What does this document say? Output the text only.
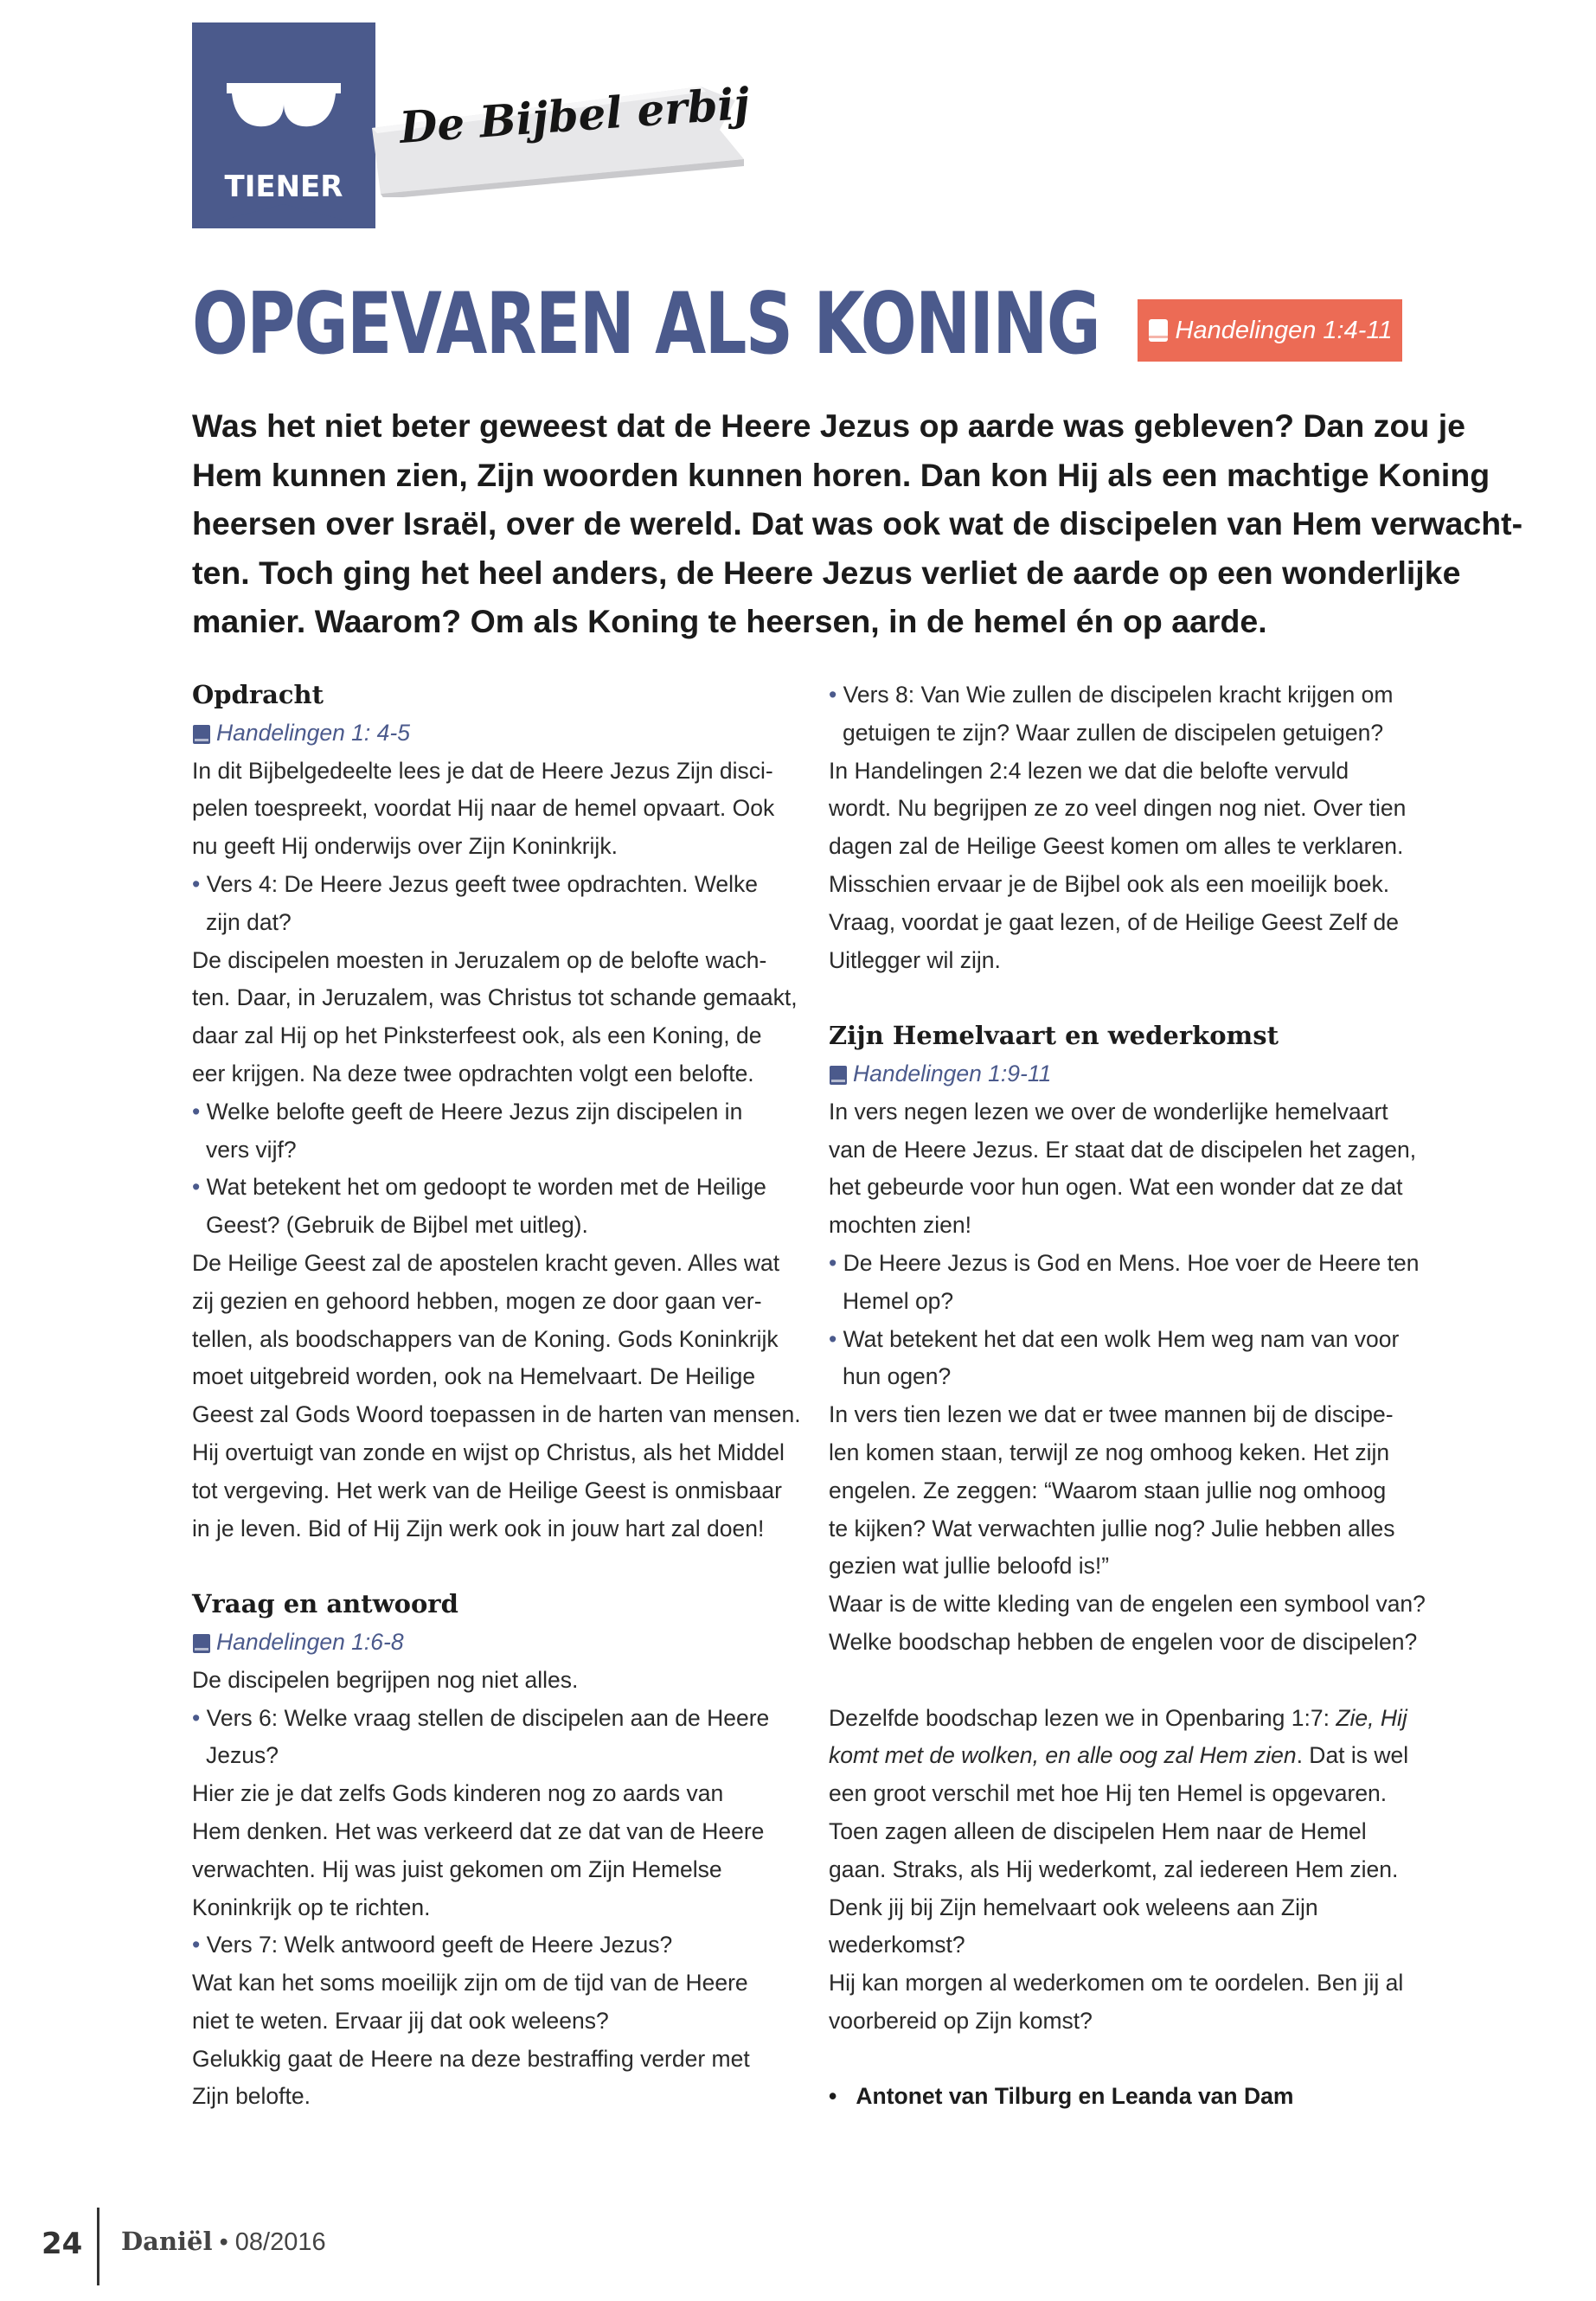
TIENER
De Bijbel erbij
OPGEVAREN ALS KONING	Handelingen 1:4-11
Was het niet beter geweest dat de Heere Jezus op aarde was gebleven? Dan zou je
Hem kunnen zien, Zijn woorden kunnen horen. Dan kon Hij als een machtige Koning
heersen over Israël, over de wereld. Dat was ook wat de discipelen van Hem verwacht-
ten. Toch ging het heel anders, de Heere Jezus verliet de aarde op een wonderlijke
manier. Waarom? Om als Koning te heersen, in de hemel én op aarde.
Opdracht
Handelingen 1: 4-5
In dit Bijbelgedeelte lees je dat de Heere Jezus Zijn disci-
pelen toespreekt, voordat Hij naar de hemel opvaart. Ook
nu geeft Hij onderwijs over Zijn Koninkrijk.
• Vers 4: De Heere Jezus geeft twee opdrachten. Welke
zijn dat?
De discipelen moesten in Jeruzalem op de belofte wach-
ten. Daar, in Jeruzalem, was Christus tot schande gemaakt,
daar zal Hij op het Pinksterfeest ook, als een Koning, de
eer krijgen. Na deze twee opdrachten volgt een belofte.
• Welke belofte geeft de Heere Jezus zijn discipelen in
vers vijf?
• Wat betekent het om gedoopt te worden met de Heilige
Geest? (Gebruik de Bijbel met uitleg).
De Heilige Geest zal de apostelen kracht geven. Alles wat
zij gezien en gehoord hebben, mogen ze door gaan ver-
tellen, als boodschappers van de Koning. Gods Koninkrijk
moet uitgebreid worden, ook na Hemelvaart. De Heilige
Geest zal Gods Woord toepassen in de harten van mensen.
Hij overtuigt van zonde en wijst op Christus, als het Middel
tot vergeving. Het werk van de Heilige Geest is onmisbaar
in je leven. Bid of Hij Zijn werk ook in jouw hart zal doen!
Vraag en antwoord
Handelingen 1:6-8
De discipelen begrijpen nog niet alles.
• Vers 6: Welke vraag stellen de discipelen aan de Heere
Jezus?
Hier zie je dat zelfs Gods kinderen nog zo aards van
Hem denken. Het was verkeerd dat ze dat van de Heere
verwachten. Hij was juist gekomen om Zijn Hemelse
Koninkrijk op te richten.
• Vers 7: Welk antwoord geeft de Heere Jezus?
Wat kan het soms moeilijk zijn om de tijd van de Heere
niet te weten. Ervaar jij dat ook weleens?
Gelukkig gaat de Heere na deze bestraffing verder met
Zijn belofte.
• Vers 8: Van Wie zullen de discipelen kracht krijgen om
getuigen te zijn? Waar zullen de discipelen getuigen?
In Handelingen 2:4 lezen we dat die belofte vervuld
wordt. Nu begrijpen ze zo veel dingen nog niet. Over tien
dagen zal de Heilige Geest komen om alles te verklaren.
Misschien ervaar je de Bijbel ook als een moeilijk boek.
Vraag, voordat je gaat lezen, of de Heilige Geest Zelf de
Uitlegger wil zijn.
Zijn Hemelvaart en wederkomst
Handelingen 1:9-11
In vers negen lezen we over de wonderlijke hemelvaart
van de Heere Jezus. Er staat dat de discipelen het zagen,
het gebeurde voor hun ogen. Wat een wonder dat ze dat
mochten zien!
• De Heere Jezus is God en Mens. Hoe voer de Heere ten
Hemel op?
• Wat betekent het dat een wolk Hem weg nam van voor
hun ogen?
In vers tien lezen we dat er twee mannen bij de discipe-
len komen staan, terwijl ze nog omhoog keken. Het zijn
engelen. Ze zeggen: “Waarom staan jullie nog omhoog
te kijken? Wat verwachten jullie nog? Julie hebben alles
gezien wat jullie beloofd is!”
Waar is de witte kleding van de engelen een symbool van?
Welke boodschap hebben de engelen voor de discipelen?
Dezelfde boodschap lezen we in Openbaring 1:7: Zie, Hij
komt met de wolken, en alle oog zal Hem zien. Dat is wel
een groot verschil met hoe Hij ten Hemel is opgevaren.
Toen zagen alleen de discipelen Hem naar de Hemel
gaan. Straks, als Hij wederkomt, zal iedereen Hem zien.
Denk jij bij Zijn hemelvaart ook weleens aan Zijn
wederkomst?
Hij kan morgen al wederkomen om te oordelen. Ben jij al
voorbereid op Zijn komst?
•   Antonet van Tilburg en Leanda van Dam
24 Daniël • 08/2016
